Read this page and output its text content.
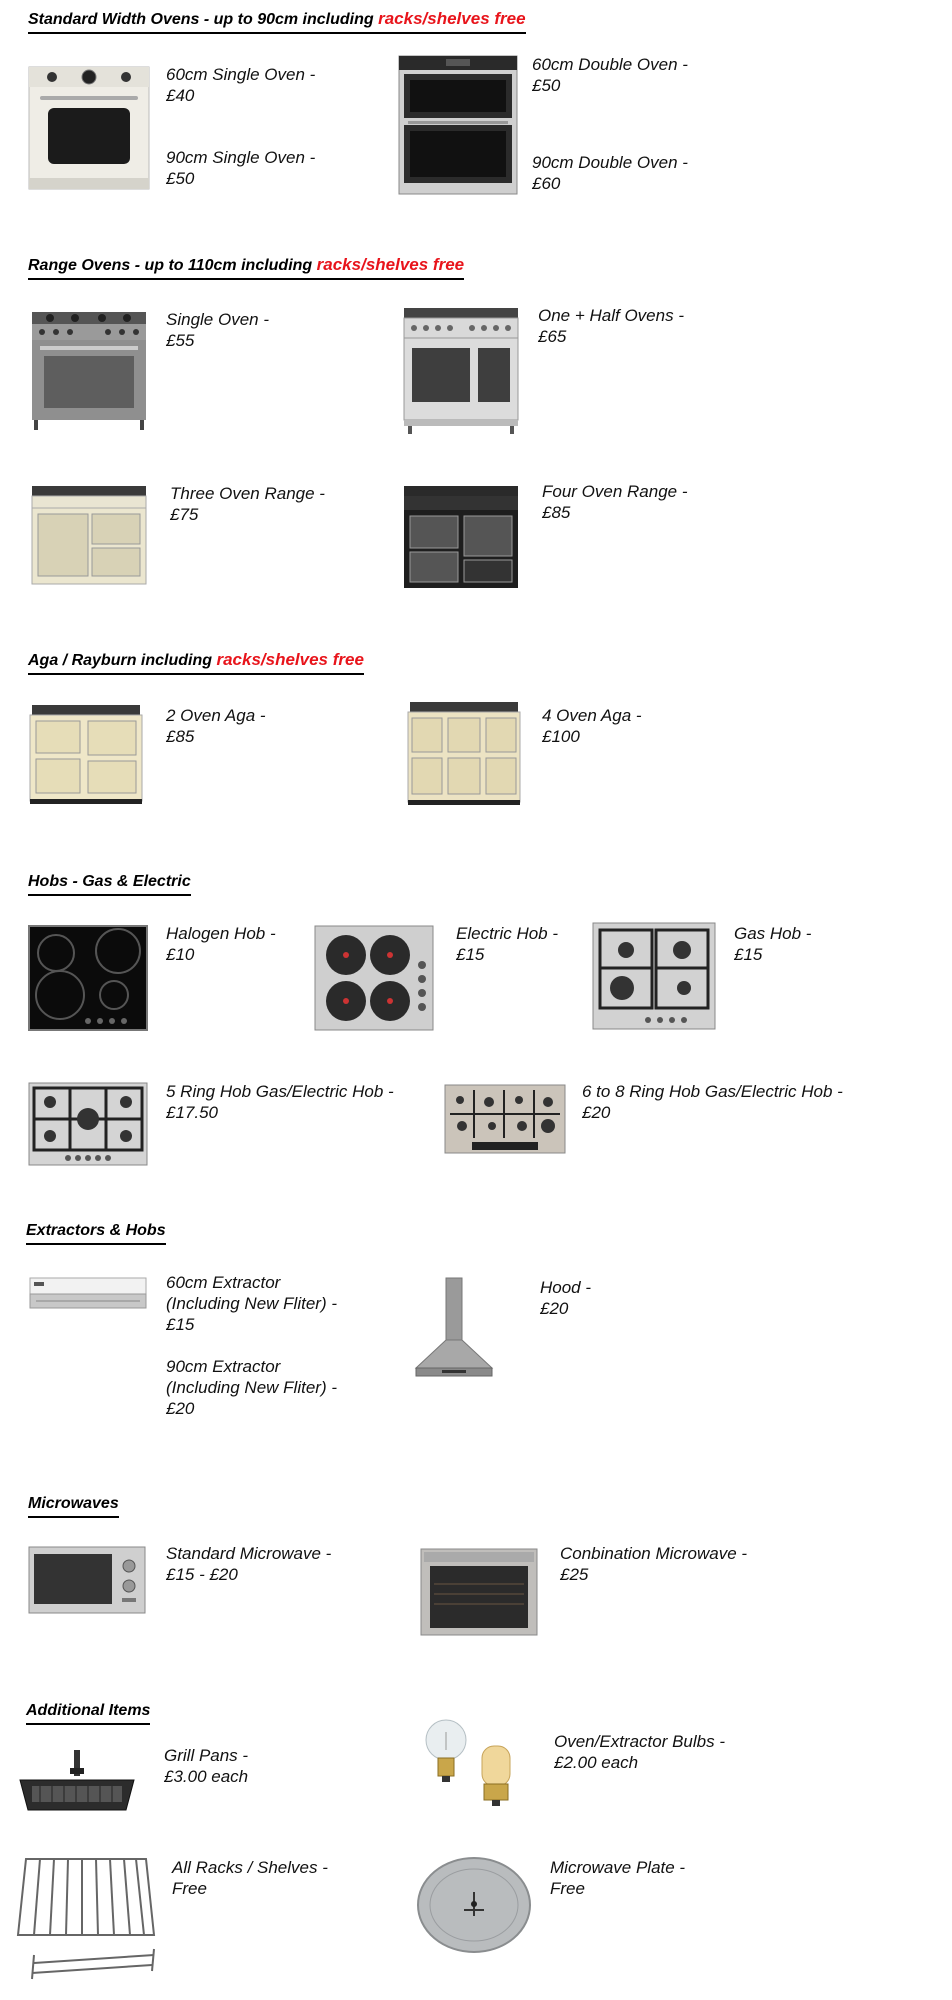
Standard Width Ovens - up to 90cm including racks/shelves free
60cm Single Oven -
£40
90cm Single Oven -
£50
60cm Double Oven -
£50
90cm Double Oven -
£60
Range Ovens - up to 110cm including racks/shelves free
Single Oven -
£55
One + Half Ovens -
£65
Three Oven Range -
£75
Four Oven Range -
£85
Aga / Rayburn including racks/shelves free
2 Oven Aga -
£85
4 Oven Aga -
£100
Hobs - Gas & Electric
Halogen Hob -
£10
Electric Hob -
£15
Gas Hob -
£15
5 Ring Hob Gas/Electric Hob -
£17.50
6 to 8 Ring Hob Gas/Electric Hob -
£20
Extractors & Hobs
60cm Extractor
(Including New Fliter) -
£15
90cm Extractor
(Including New Fliter) -
£20
Hood -
£20
Microwaves
Standard Microwave -
£15 - £20
Conbination Microwave -
£25
Additional Items
Grill Pans -
£3.00 each
Oven/Extractor Bulbs -
£2.00 each
All Racks / Shelves -
Free
Microwave Plate -
Free
